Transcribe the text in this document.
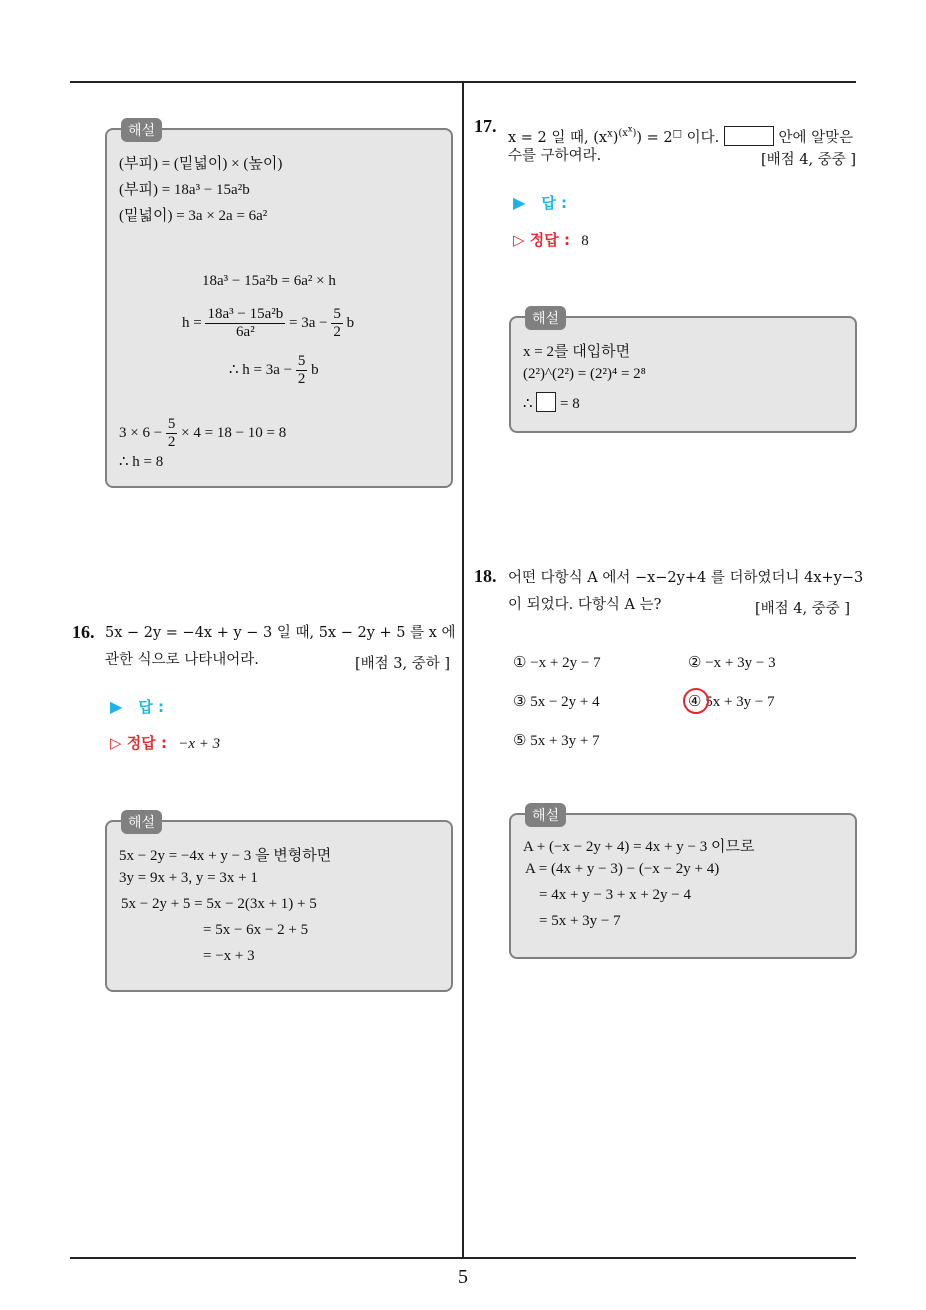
5
해설
(부피) = (밑넓이) × (높이)
(부피) = 18a³ − 15a²b
(밑넓이) = 3a × 2a = 6a²
18a³ − 15a²b = 6a² × h
$h = \frac{\text{18a³ − 15a²b}}{\text{6a²}} = 3a - \frac{5}{2}$ b
∴ $h = 3a - \frac{5}{2}$ b
$3 \times 6 - \frac{5}{2} \times 4 = 18 - 10 = 8$
∴ h = 8
16. 5x − 2y = −4x + y − 3 일 때, 5x − 2y + 5 를 x 에
관한 식으로 나타내어라.	[배점 3, 중하 ]
▶ 답 :
▷ 정답 : −x + 3
해설
5x − 2y = −4x + y − 3 을 변형하면
3y = 9x + 3, y = 3x + 1
5x − 2y + 5 = 5x − 2(3x + 1) + 5
= 5x − 6x − 2 + 5
= −x + 3
17.
x = 2 일 때, $(x^x)^{(x^x)}) = 2^□$ 이다.	안에 알맞은
수를 구하여라.	[배점 4, 중중 ]
▶ 답 :
▷ 정답 : 8
해설
x = 2를 대입하면
(2²)^(2²) = (2²)⁴ = 2⁸
∴ = 8
18. 어떤 다항식 A 에서 −x−2y+4 를 더하였더니 4x+y−3
이 되었다. 다항식 A 는?	[배점 4, 중중 ]
① −x + 2y − 7	② −x + 3y − 3
③ 5x − 2y + 4	④ 5x + 3y − 7
⑤ 5x + 3y + 7
해설
A + (−x − 2y + 4) = 4x + y − 3 이므로
A = (4x + y − 3) − (−x − 2y + 4)
= 4x + y − 3 + x + 2y − 4
= 5x + 3y − 7
